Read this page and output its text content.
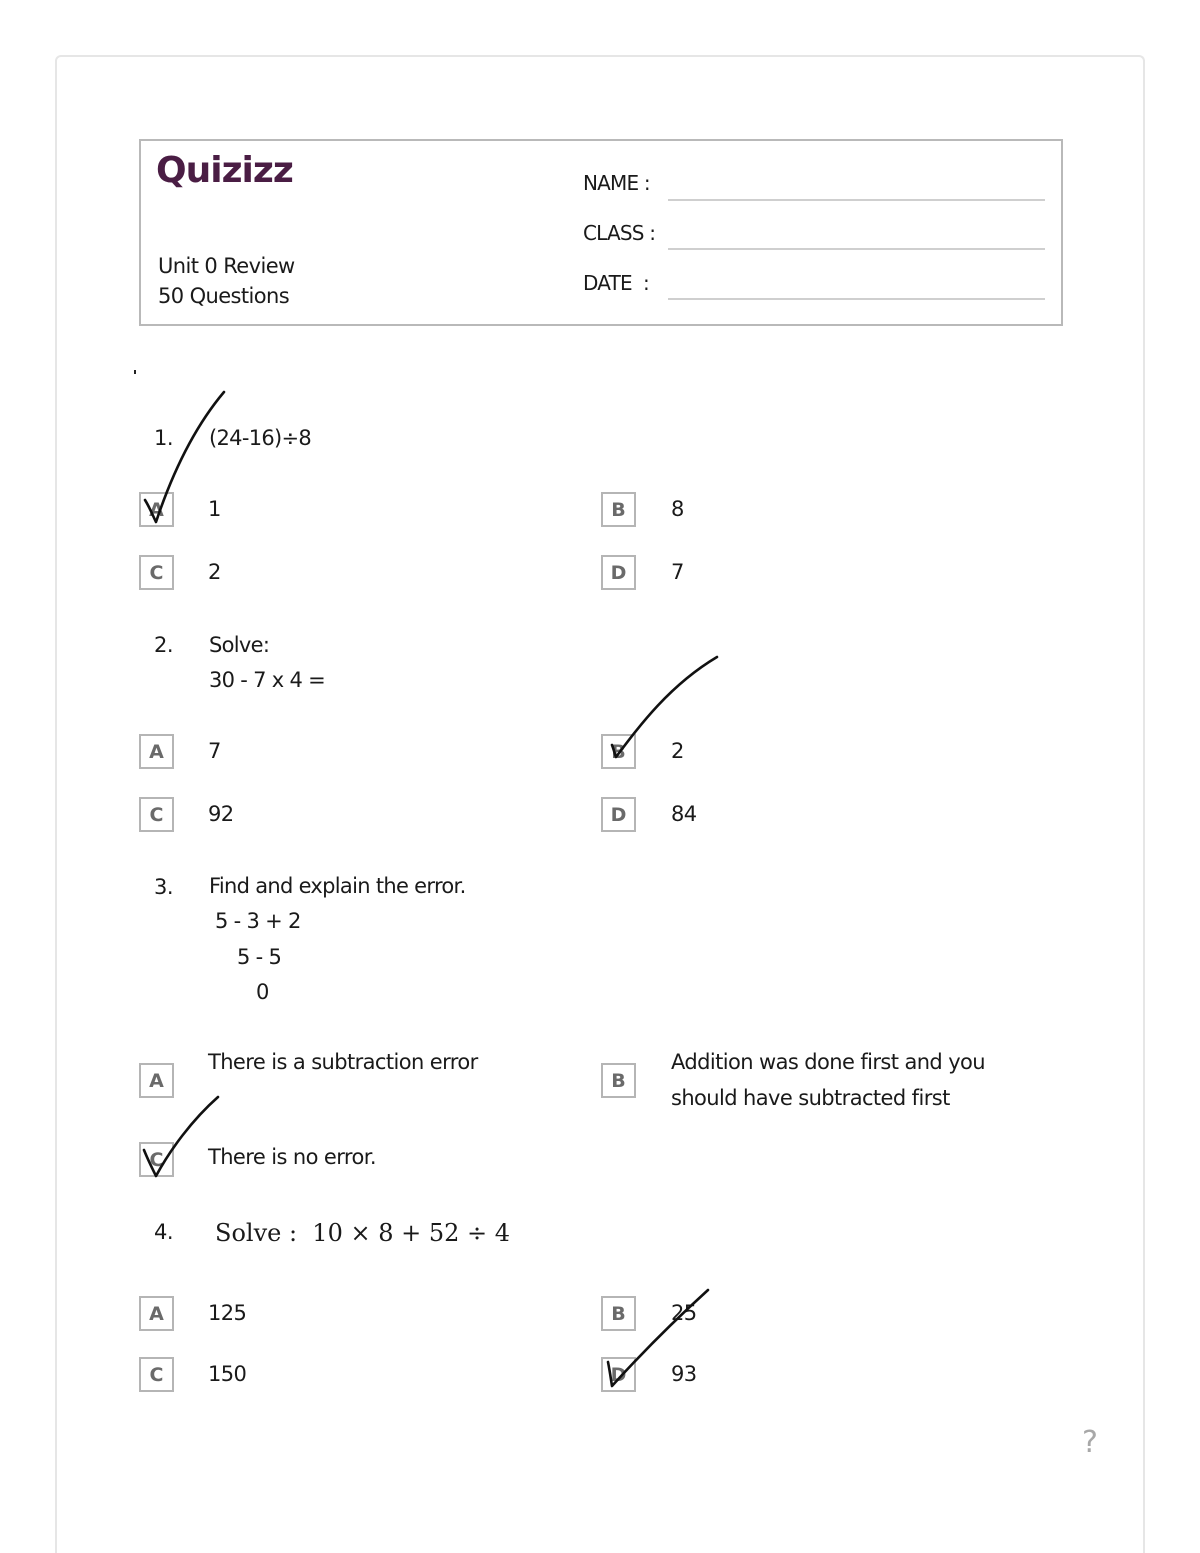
Quizizz
Unit 0 Review
50 Questions
NAME :
CLASS :
DATE  :
1. (24-16)÷8
A	1	B	8
C	2	D	7
2. Solve:
30 - 7 x 4 =
A	7	B	2
C	92	D	84
3. Find and explain the error.
5 - 3 + 2
5 - 5
0
A
There is a subtraction error
B
Addition was done first and you
should have subtracted first
C	There is no error.
4. Solve :  10 × 8 + 52 ÷ 4
A	125	B	25
C	150	D	93
?
